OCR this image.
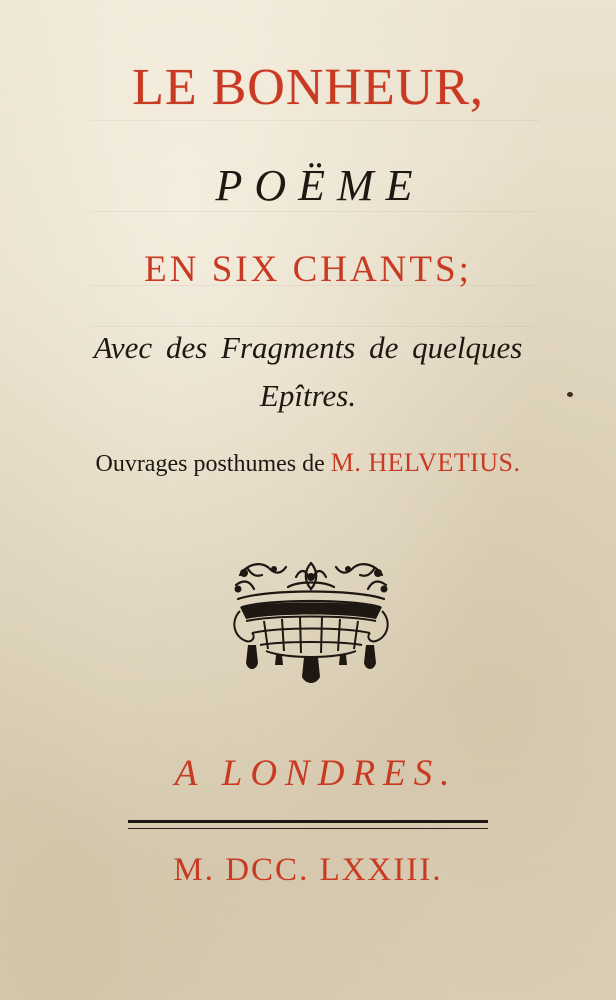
LE BONHEUR,
POËME
EN SIX CHANTS;
Avec des Fragments de quelques
Epîtres.
Ouvrages posthumes de M. HELVETIUS.
A LONDRES.
M. DCC. LXXIII.
